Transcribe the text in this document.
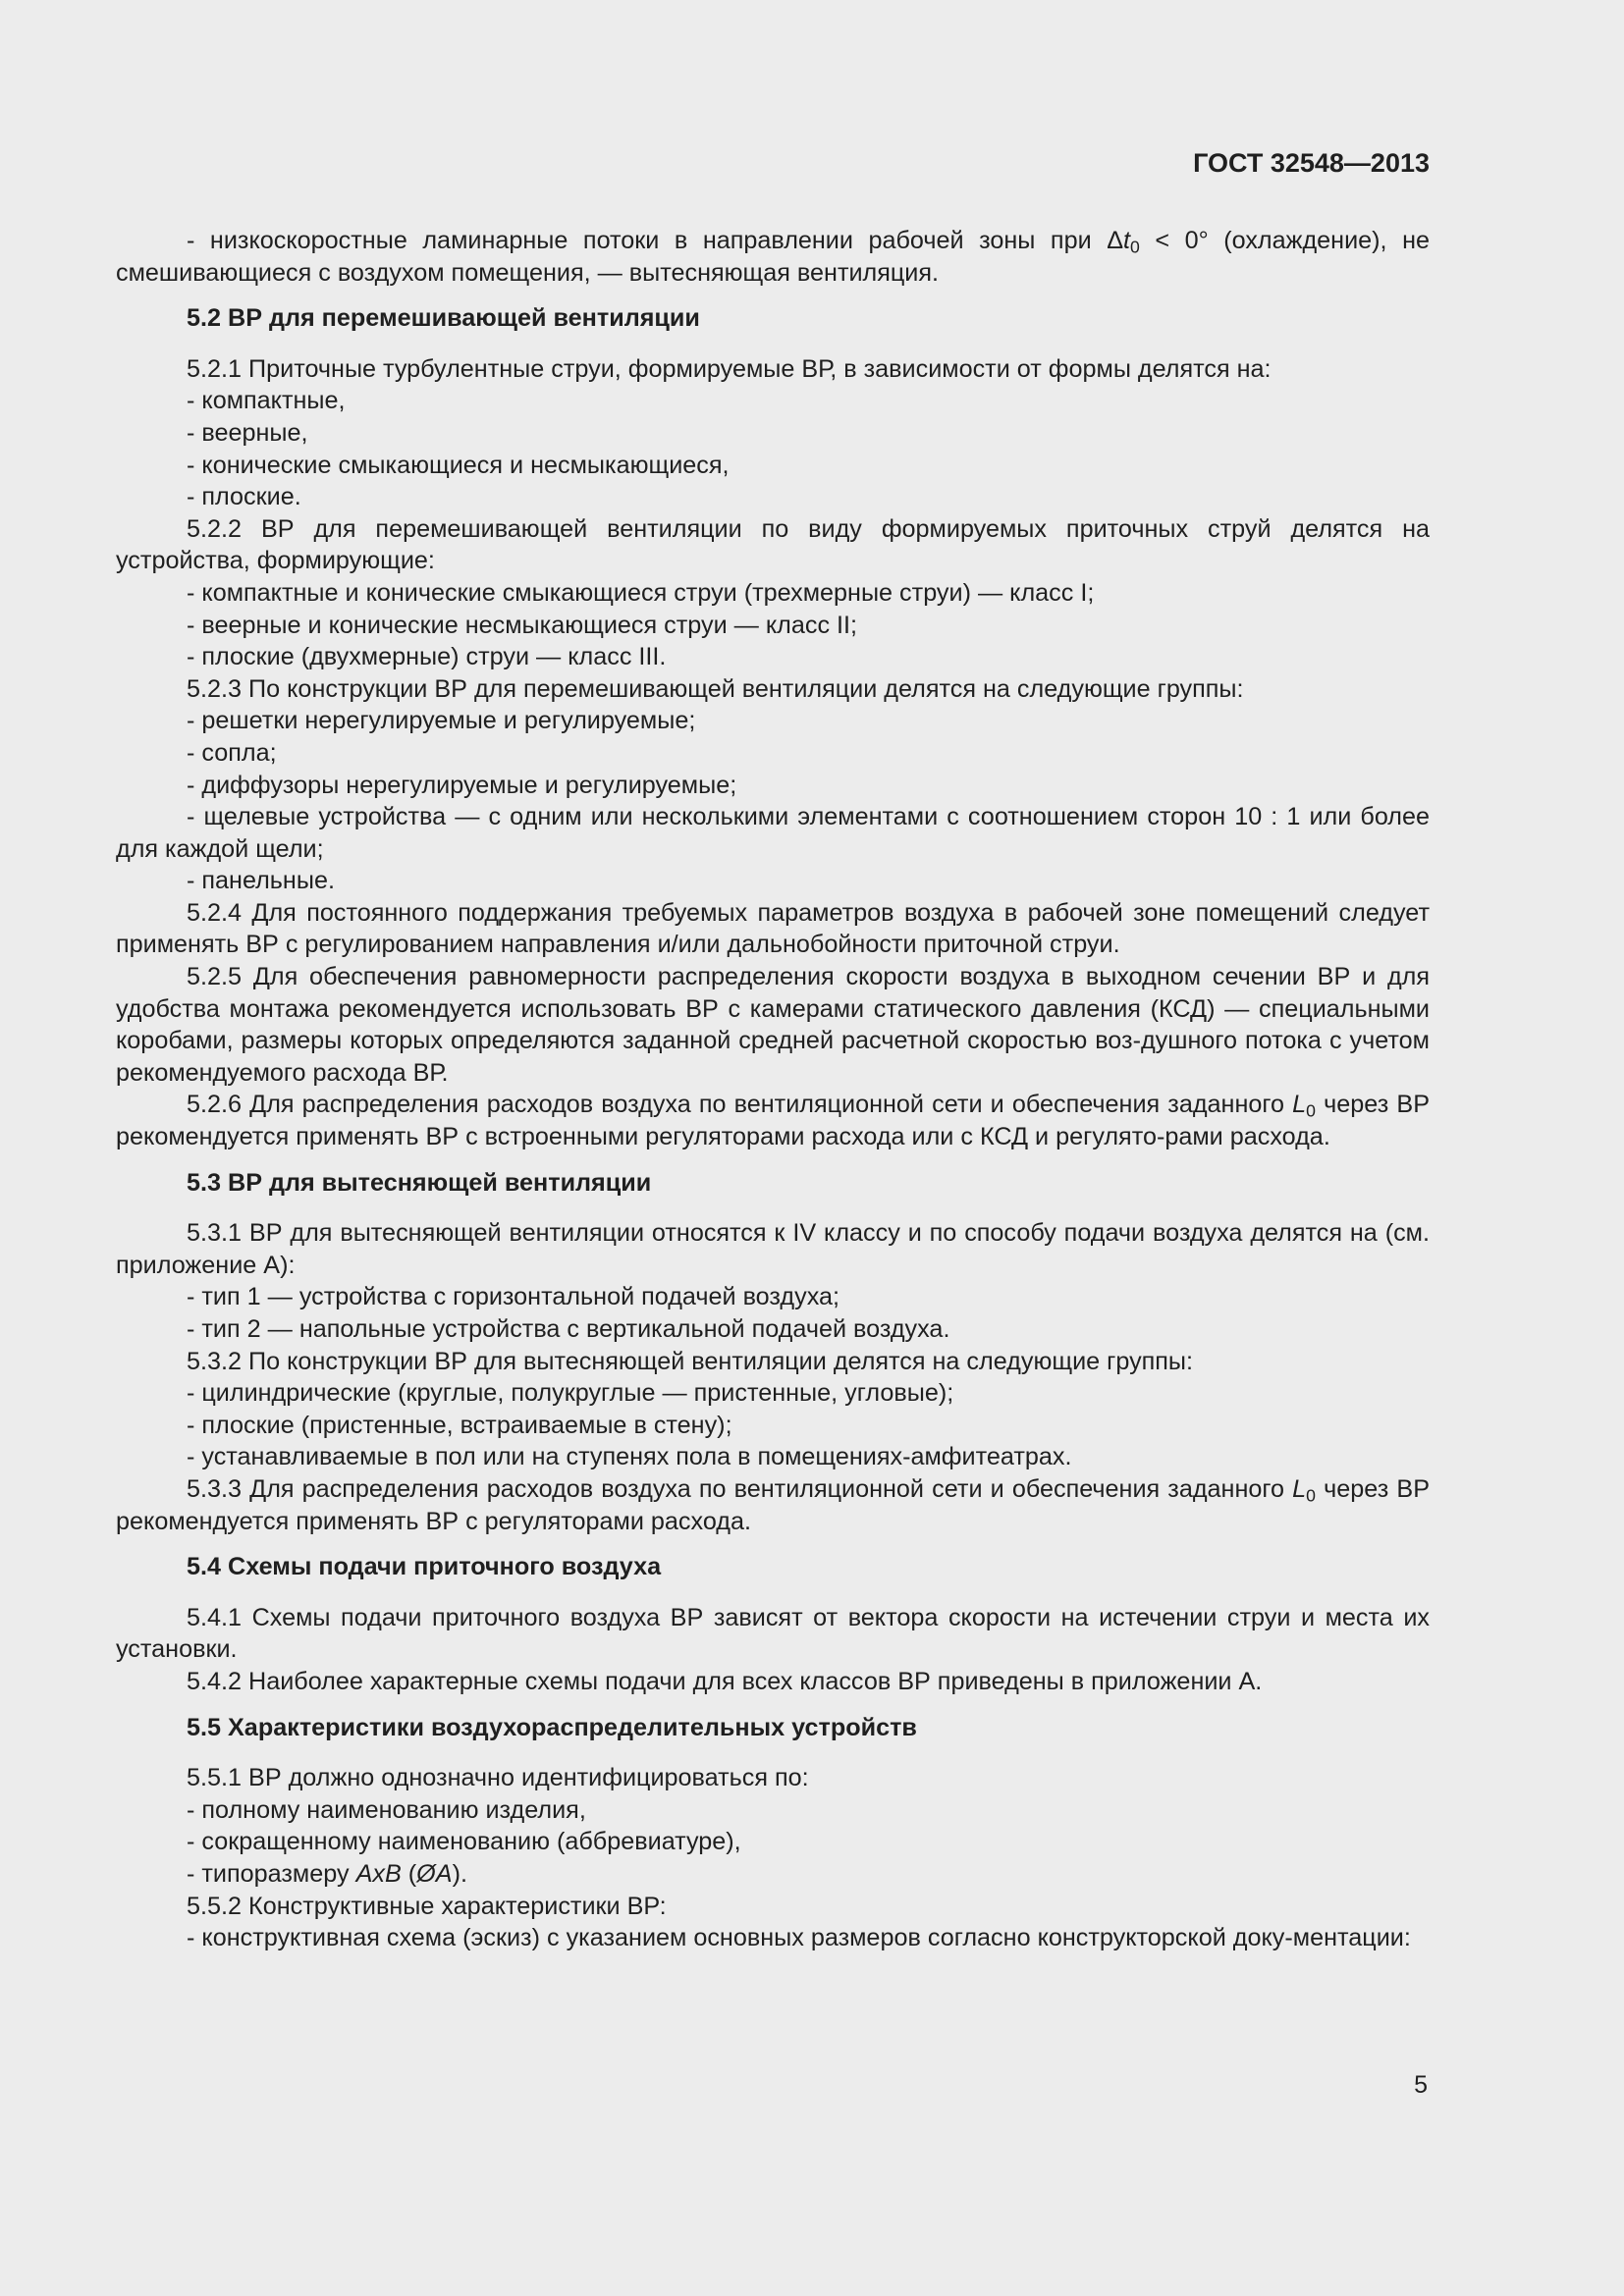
ГОСТ 32548—2013

- низкоскоростные ламинарные потоки в направлении рабочей зоны при $\Delta t_0 < 0^\circ$ (охлаждение), не смешивающиеся с воздухом помещения, — вытесняющая вентиляция.

5.2 ВР для перемешивающей вентиляции

5.2.1 Приточные турбулентные струи, формируемые ВР, в зависимости от формы делятся на:

- компактные,

- веерные,

- конические смыкающиеся и несмыкающиеся,

- плоские.

5.2.2 ВР для перемешивающей вентиляции по виду формируемых приточных струй делятся на устройства, формирующие:

- компактные и конические смыкающиеся струи (трехмерные струи) — класс I;

- веерные и конические несмыкающиеся струи — класс II;

- плоские (двухмерные) струи — класс III.

5.2.3 По конструкции ВР для перемешивающей вентиляции делятся на следующие группы:

- решетки нерегулируемые и регулируемые;

- сопла;

- диффузоры нерегулируемые и регулируемые;

- щелевые устройства — с одним или несколькими элементами с соотношением сторон 10 : 1 или более для каждой щели;

- панельные.

5.2.4 Для постоянного поддержания требуемых параметров воздуха в рабочей зоне помещений следует применять ВР с регулированием направления и/или дальнобойности приточной струи.

5.2.5 Для обеспечения равномерности распределения скорости воздуха в выходном сечении ВР и для удобства монтажа рекомендуется использовать ВР с камерами статического давления (КСД) — специальными коробами, размеры которых определяются заданной средней расчетной скоростью воз-душного потока с учетом рекомендуемого расхода ВР.

5.2.6 Для распределения расходов воздуха по вентиляционной сети и обеспечения заданного $L_0$ через ВР рекомендуется применять ВР с встроенными регуляторами расхода или с КСД и регулято-рами расхода.

5.3 ВР для вытесняющей вентиляции

5.3.1 ВР для вытесняющей вентиляции относятся к IV классу и по способу подачи воздуха делятся на (см. приложение А):

- тип 1 — устройства с горизонтальной подачей воздуха;

- тип 2 — напольные устройства с вертикальной подачей воздуха.

5.3.2 По конструкции ВР для вытесняющей вентиляции делятся на следующие группы:

- цилиндрические (круглые, полукруглые — пристенные, угловые);

- плоские (пристенные, встраиваемые в стену);

- устанавливаемые в пол или на ступенях пола в помещениях-амфитеатрах.

5.3.3 Для распределения расходов воздуха по вентиляционной сети и обеспечения заданного $L_0$ через ВР рекомендуется применять ВР с регуляторами расхода.

5.4 Схемы подачи приточного воздуха

5.4.1 Схемы подачи приточного воздуха ВР зависят от вектора скорости на истечении струи и места их установки.

5.4.2 Наиболее характерные схемы подачи для всех классов ВР приведены в приложении А.

5.5 Характеристики воздухораспределительных устройств

5.5.1 ВР должно однозначно идентифицироваться по:

- полному наименованию изделия,

- сокращенному наименованию (аббревиатуре),

- типоразмеру AxB (ØA).

5.5.2 Конструктивные характеристики ВР:

- конструктивная схема (эскиз) с указанием основных размеров согласно конструкторской доку-ментации:

5
